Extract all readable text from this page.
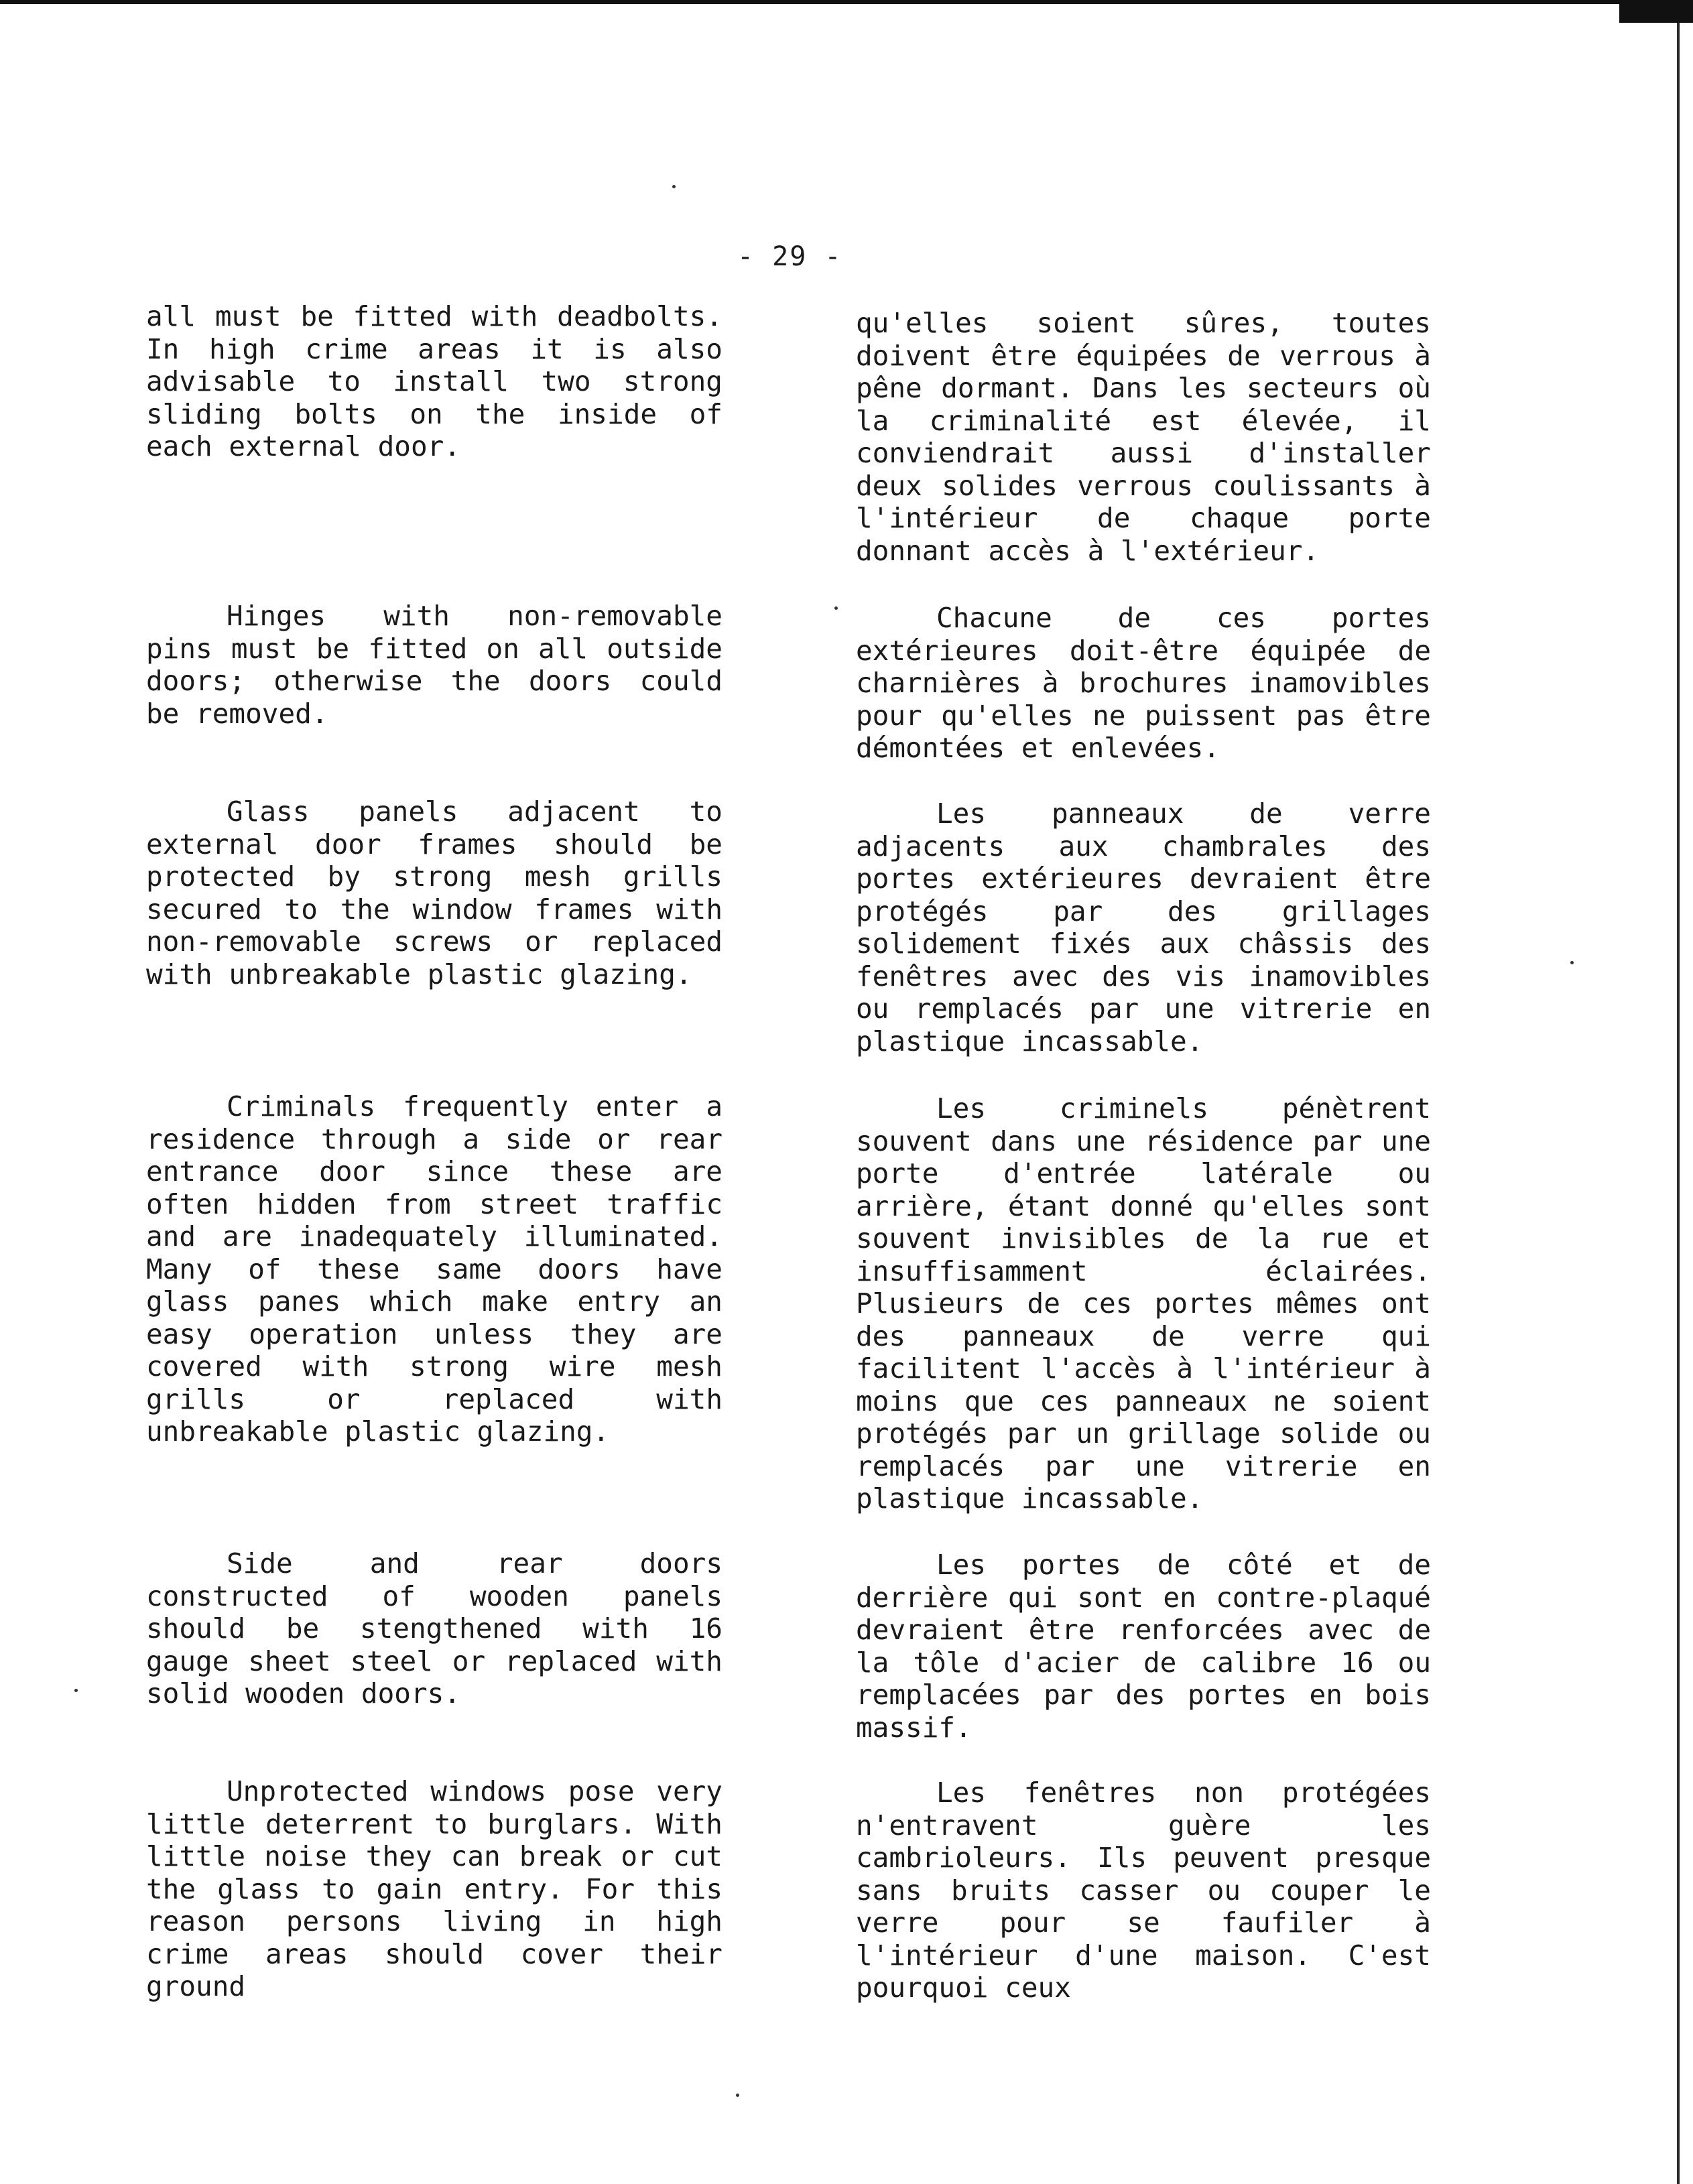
- 29 -

all must be fitted with deadbolts. In high crime areas it is also advisable to install two strong sliding bolts on the inside of each external door.

Hinges with non-removable pins must be fitted on all outside doors; otherwise the doors could be removed.

Glass panels adjacent to external door frames should be protected by strong mesh grills secured to the window frames with non-removable screws or replaced with unbreakable plastic glazing.

Criminals frequently enter a residence through a side or rear entrance door since these are often hidden from street traffic and are inadequately illuminated. Many of these same doors have glass panes which make entry an easy operation unless they are covered with strong wire mesh grills or replaced with unbreakable plastic glazing.

Side and rear doors constructed of wooden panels should be stengthened with 16 gauge sheet steel or replaced with solid wooden doors.

Unprotected windows pose very little deterrent to burglars. With little noise they can break or cut the glass to gain entry. For this reason persons living in high crime areas should cover their ground

qu'elles soient sûres, toutes doivent être équipées de verrous à pêne dormant. Dans les secteurs où la criminalité est élevée, il conviendrait aussi d'installer deux solides verrous coulissants à l'intérieur de chaque porte donnant accès à l'extérieur.

Chacune de ces portes extérieures doit-être équipée de charnières à brochures inamovibles pour qu'elles ne puissent pas être démontées et enlevées.

Les panneaux de verre adjacents aux chambrales des portes extérieures devraient être protégés par des grillages solidement fixés aux châssis des fenêtres avec des vis inamovibles ou remplacés par une vitrerie en plastique incassable.

Les criminels pénètrent souvent dans une résidence par une porte d'entrée latérale ou arrière, étant donné qu'elles sont souvent invisibles de la rue et insuffisamment éclairées. Plusieurs de ces portes mêmes ont des panneaux de verre qui facilitent l'accès à l'intérieur à moins que ces panneaux ne soient protégés par un grillage solide ou remplacés par une vitrerie en plastique incassable.

Les portes de côté et de derrière qui sont en contre-plaqué devraient être renforcées avec de la tôle d'acier de calibre 16 ou remplacées par des portes en bois massif.

Les fenêtres non protégées n'entravent guère les cambrioleurs. Ils peuvent presque sans bruits casser ou couper le verre pour se faufiler à l'intérieur d'une maison. C'est pourquoi ceux
